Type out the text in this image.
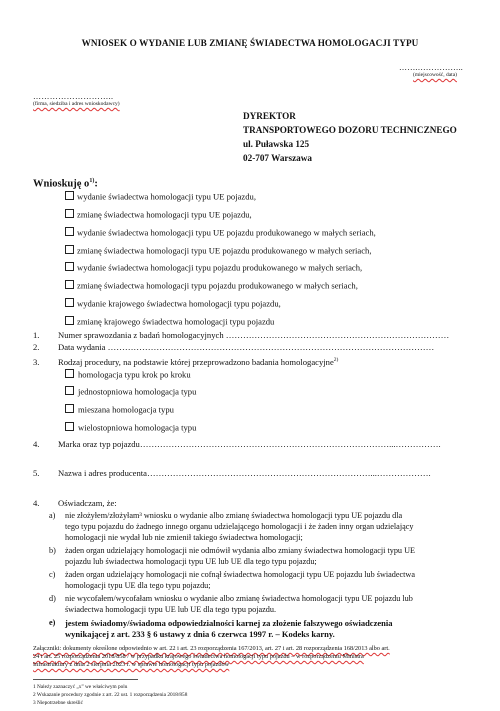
WNIOSEK O WYDANIE LUB ZMIANĘ ŚWIADECTWA HOMOLOGACJI TYPU
…….……………..
(miejscowość, data)
………………………..
(firma, siedziba i adres wnioskodawcy)
DYREKTOR
TRANSPORTOWEGO DOZORU TECHNICZNEGO
ul. Puławska 125
02-707 Warszawa
Wnioskuję $o^{1)}$:
wydanie świadectwa homologacji typu UE pojazdu,
zmianę świadectwa homologacji typu UE pojazdu,
wydanie świadectwa homologacji typu UE pojazdu produkowanego w małych seriach,
zmianę świadectwa homologacji typu UE pojazdu produkowanego w małych seriach,
wydanie świadectwa homologacji typu pojazdu produkowanego w małych seriach,
zmianę świadectwa homologacji typu pojazdu produkowanego w małych seriach,
wydanie krajowego świadectwa homologacji typu pojazdu,
zmianę krajowego świadectwa homologacji typu pojazdu
1. Numer sprawozdania z badań homologacyjnych ……………………………………………………………………
2. Data wydania ……………………………………………………………………………………………………
3. Rodzaj procedury, na podstawie której przeprowadzono badania homologacyjne$^{2)}$
homologacja typu krok po kroku
jednostopniowa homologacja typu
mieszana homologacja typu
wielostopniowa homologacja typu
4. Marka oraz typ pojazdu……………………………………………………………………………...…………….
5. Nazwa i adres producenta……………………………………………………………………...……………….
4. Oświadczam, że:
a) nie złożyłem/złożyłam³ wniosku o wydanie albo zmianę świadectwa homologacji typu UE pojazdu dla
tego typu pojazdu do żadnego innego organu udzielającego homologacji i że żaden inny organ udzielający
homologacji nie wydał lub nie zmienił takiego świadectwa homologacji;
b) żaden organ udzielający homologacji nie odmówił wydania albo zmiany świadectwa homologacji typu UE
pojazdu lub świadectwa homologacji typu UE lub UE dla tego typu pojazdu;
c) żaden organ udzielający homologacji nie cofnął świadectwa homologacji typu UE pojazdu lub świadectwa
homologacji typu UE dla tego typu pojazdu;
d) nie wycofałem/wycofałam wniosku o wydanie albo zmianę świadectwa homologacji typu UE pojazdu lub
świadectwa homologacji typu UE lub UE dla tego typu pojazdu.
e) jestem świadomy/świadoma odpowiedzialności karnej za złożenie fałszywego oświadczenia
wynikającej z art. 233 § 6 ustawy z dnia 6 czerwca 1997 r. – Kodeks karny.
Załączniki: dokumenty określone odpowiednio w art. 22 i art. 23 rozporządzenia 167/2013, art. 27 i art. 28 rozporządzenia 168/2013 albo art.
24 i art. 25 rozporządzenia 2018/858 / w przypadku krajowego świadectwa homologacji typu pojazdu – w rozporządzeniu Ministra
Infrastruktury z dnia 2 sierpnia 2023 r. w sprawie homologacji typu pojazdów
1 Należy zaznaczyć „x” we właściwym polu
2 Wskazanie procedury zgodnie z art. 22 ust. 1 rozporządzenia 2018/858
3 Niepotrzebne skreślić
